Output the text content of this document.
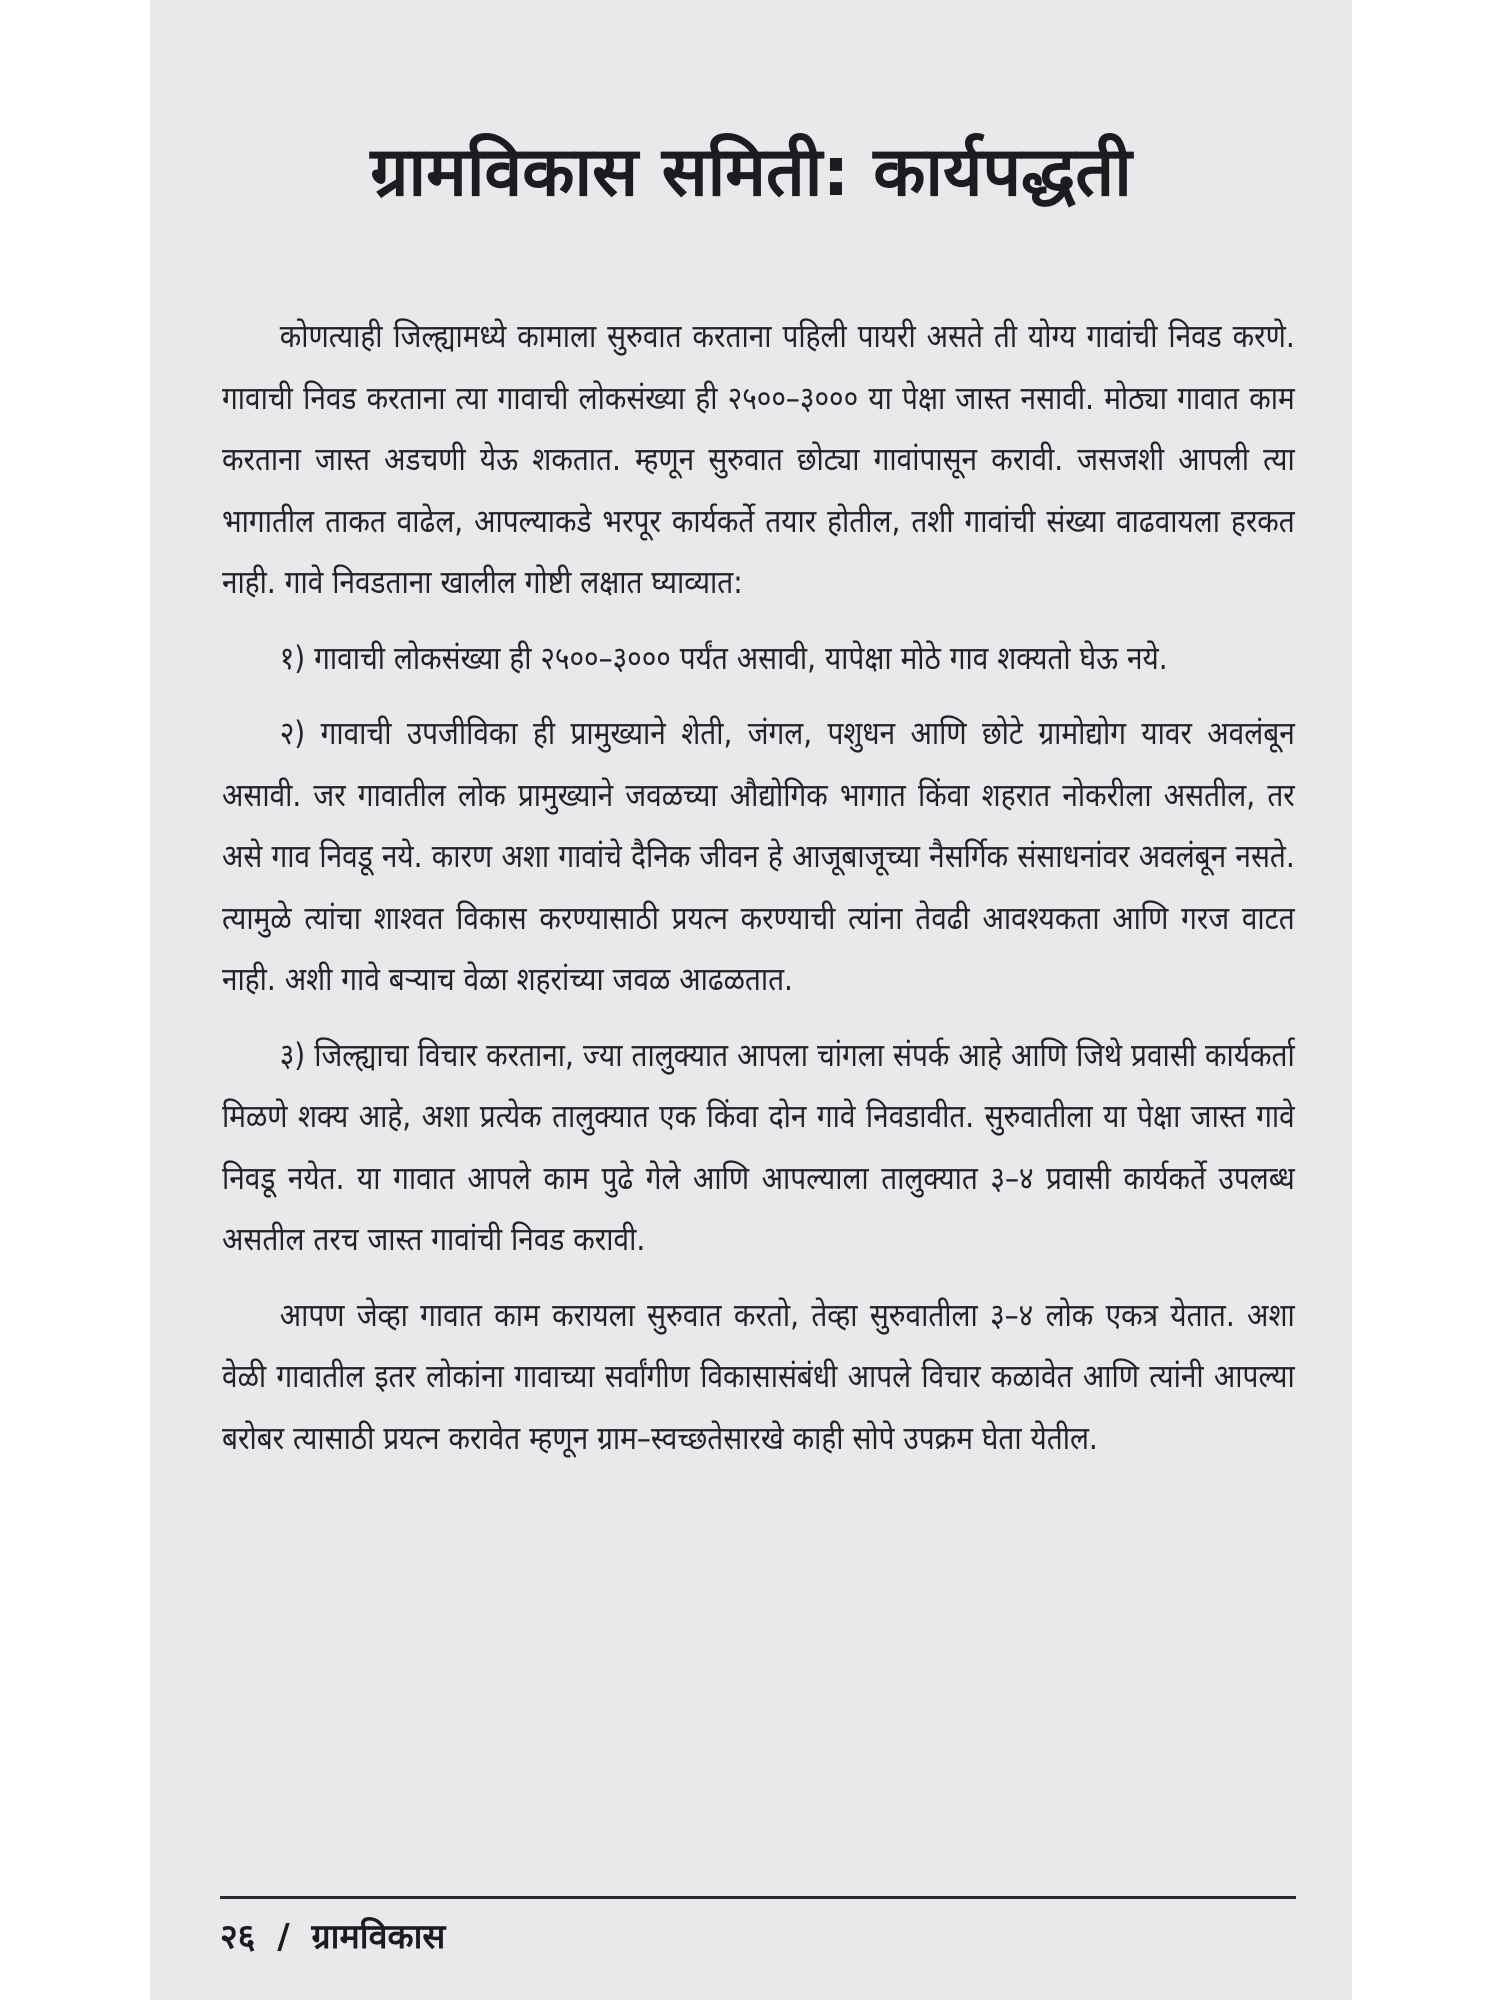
ग्रामविकास समिती: कार्यपद्धती

कोणत्याही जिल्ह्यामध्ये कामाला सुरुवात करताना पहिली पायरी असते ती योग्य गावांची निवड करणे. गावाची निवड करताना त्या गावाची लोकसंख्या ही २५००–३००० या पेक्षा जास्त नसावी. मोठ्या गावात काम करताना जास्त अडचणी येऊ शकतात. म्हणून सुरुवात छोट्या गावांपासून करावी. जसजशी आपली त्या भागातील ताकत वाढेल, आपल्याकडे भरपूर कार्यकर्ते तयार होतील, तशी गावांची संख्या वाढवायला हरकत नाही. गावे निवडताना खालील गोष्टी लक्षात घ्याव्यात:

१) गावाची लोकसंख्या ही २५००–३००० पर्यंत असावी, यापेक्षा मोठे गाव शक्यतो घेऊ नये.

२) गावाची उपजीविका ही प्रामुख्याने शेती, जंगल, पशुधन आणि छोटे ग्रामोद्योग यावर अवलंबून असावी. जर गावातील लोक प्रामुख्याने जवळच्या औद्योगिक भागात किंवा शहरात नोकरीला असतील, तर असे गाव निवडू नये. कारण अशा गावांचे दैनिक जीवन हे आजूबाजूच्या नैसर्गिक संसाधनांवर अवलंबून नसते. त्यामुळे त्यांचा शाश्वत विकास करण्यासाठी प्रयत्न करण्याची त्यांना तेवढी आवश्यकता आणि गरज वाटत नाही. अशी गावे बऱ्याच वेळा शहरांच्या जवळ आढळतात.

३) जिल्ह्याचा विचार करताना, ज्या तालुक्यात आपला चांगला संपर्क आहे आणि जिथे प्रवासी कार्यकर्ता मिळणे शक्य आहे, अशा प्रत्येक तालुक्यात एक किंवा दोन गावे निवडावीत. सुरुवातीला या पेक्षा जास्त गावे निवडू नयेत. या गावात आपले काम पुढे गेले आणि आपल्याला तालुक्यात ३–४ प्रवासी कार्यकर्ते उपलब्ध असतील तरच जास्त गावांची निवड करावी.

आपण जेव्हा गावात काम करायला सुरुवात करतो, तेव्हा सुरुवातीला ३–४ लोक एकत्र येतात. अशा वेळी गावातील इतर लोकांना गावाच्या सर्वांगीण विकासासंबंधी आपले विचार कळावेत आणि त्यांनी आपल्या बरोबर त्यासाठी प्रयत्न करावेत म्हणून ग्राम–स्वच्छतेसारखे काही सोपे उपक्रम घेता येतील.

२६ / ग्रामविकास
